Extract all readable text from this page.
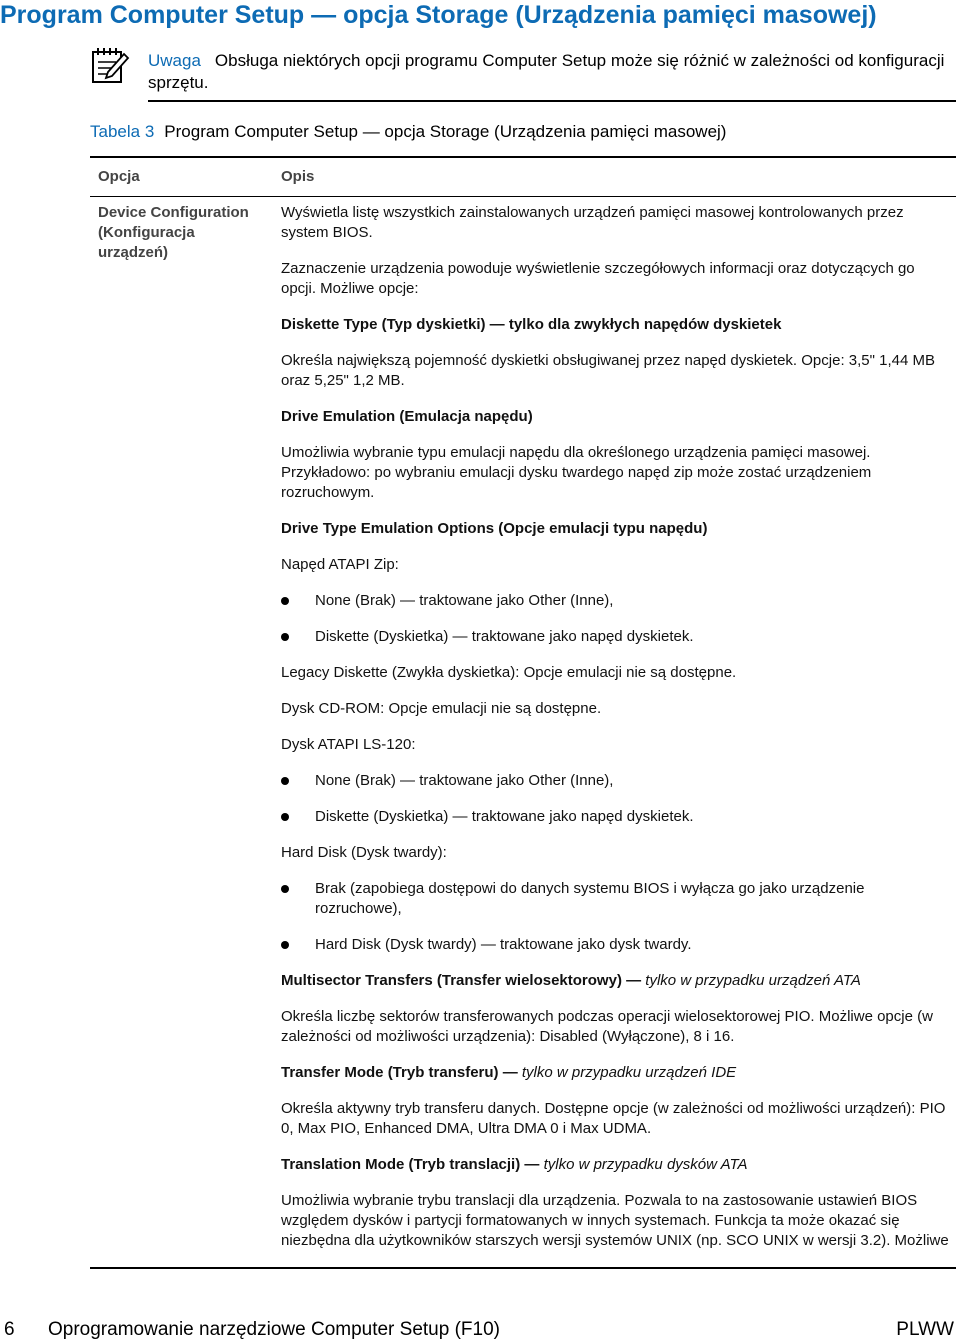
Program Computer Setup — opcja Storage (Urządzenia pamięci masowej)
Uwaga Obsługa niektórych opcji programu Computer Setup może się różnić w zależności od konfiguracji sprzętu.
Tabela 3 Program Computer Setup — opcja Storage (Urządzenia pamięci masowej)
Opcja	Opis
Device Configuration (Konfiguracja urządzeń)

Wyświetla listę wszystkich zainstalowanych urządzeń pamięci masowej kontrolowanych przez system BIOS.

Zaznaczenie urządzenia powoduje wyświetlenie szczegółowych informacji oraz dotyczących go opcji. Możliwe opcje:

Diskette Type (Typ dyskietki) — tylko dla zwykłych napędów dyskietek

Określa największą pojemność dyskietki obsługiwanej przez napęd dyskietek. Opcje: 3,5" 1,44 MB oraz 5,25" 1,2 MB.

Drive Emulation (Emulacja napędu)

Umożliwia wybranie typu emulacji napędu dla określonego urządzenia pamięci masowej. Przykładowo: po wybraniu emulacji dysku twardego napęd zip może zostać urządzeniem rozruchowym.

Drive Type Emulation Options (Opcje emulacji typu napędu)

Napęd ATAPI Zip:

None (Brak) — traktowane jako Other (Inne),
Diskette (Dyskietka) — traktowane jako napęd dyskietek.

Legacy Diskette (Zwykła dyskietka): Opcje emulacji nie są dostępne.

Dysk CD-ROM: Opcje emulacji nie są dostępne.

Dysk ATAPI LS-120:

None (Brak) — traktowane jako Other (Inne),
Diskette (Dyskietka) — traktowane jako napęd dyskietek.

Hard Disk (Dysk twardy):

Brak (zapobiega dostępowi do danych systemu BIOS i wyłącza go jako urządzenie rozruchowe),
Hard Disk (Dysk twardy) — traktowane jako dysk twardy.

Multisector Transfers (Transfer wielosektorowy) — tylko w przypadku urządzeń ATA

Określa liczbę sektorów transferowanych podczas operacji wielosektorowej PIO. Możliwe opcje (w zależności od możliwości urządzenia): Disabled (Wyłączone), 8 i 16.

Transfer Mode (Tryb transferu) — tylko w przypadku urządzeń IDE

Określa aktywny tryb transferu danych. Dostępne opcje (w zależności od możliwości urządzeń): PIO 0, Max PIO, Enhanced DMA, Ultra DMA 0 i Max UDMA.

Translation Mode (Tryb translacji) — tylko w przypadku dysków ATA

Umożliwia wybranie trybu translacji dla urządzenia. Pozwala to na zastosowanie ustawień BIOS względem dysków i partycji formatowanych w innych systemach. Funkcja ta może okazać się niezbędna dla użytkowników starszych wersji systemów UNIX (np. SCO UNIX w wersji 3.2). Możliwe

6 Oprogramowanie narzędziowe Computer Setup (F10)	PLWW
